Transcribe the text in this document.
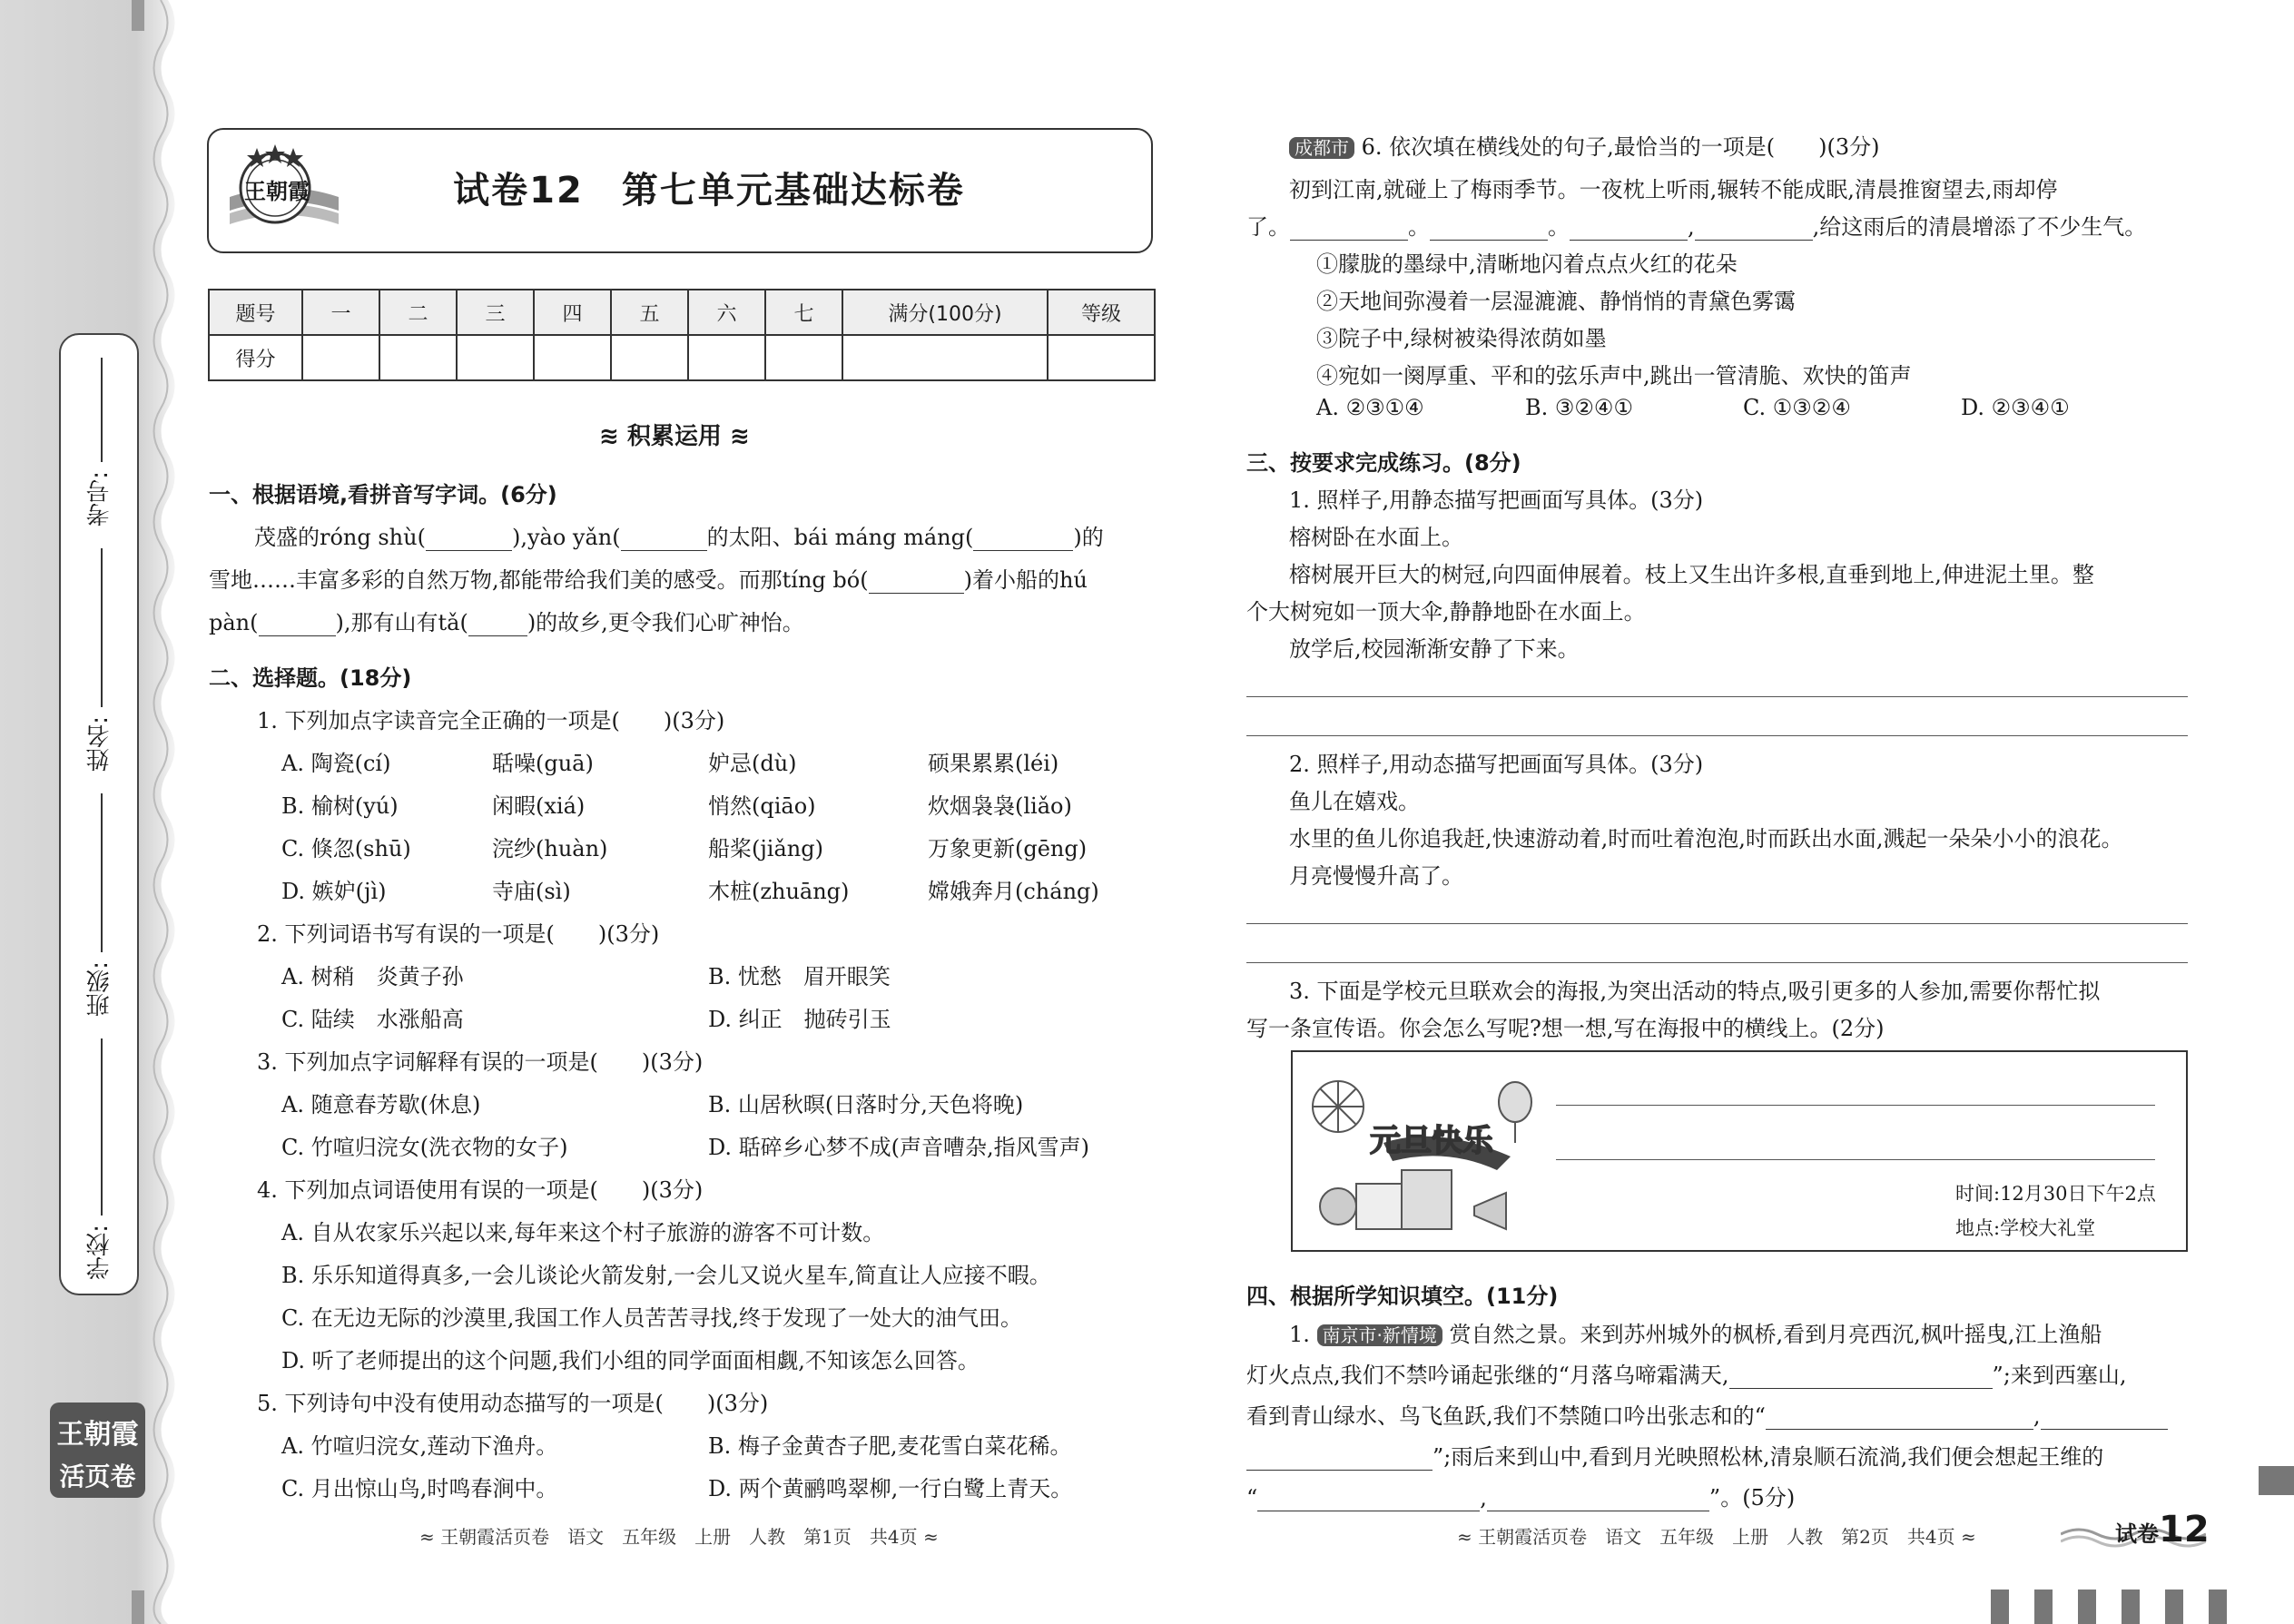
学校:
班级:
姓名:
考号:
王朝霞
活页卷
王朝霞	试卷12　第七单元基础达标卷
题号	一	二	三	四	五	六	七	满分(100分)	等级
得分									
≋ 积累运用 ≋
一、根据语境,看拼音写字词。(6分)
茂盛的róng shù(	),yào yǎn(	的太阳、bái máng máng(	)的
雪地……丰富多彩的自然万物,都能带给我们美的感受。而那tíng bó(	)着小船的hú
pàn(	),那有山有tǎ(	)的故乡,更令我们心旷神怡。
二、选择题。(18分)
1. 下列加点字读音完全正确的一项是(　　)(3分)
A. 陶瓷(cí)	聒噪(guā)	妒忌(dù)	硕果累累(léi)
B. 榆树(yú)	闲暇(xiá)	悄然(qiāo)	炊烟袅袅(liǎo)
C. 倏忽(shū)	浣纱(huàn)	船桨(jiǎng)	万象更新(gēng)
D. 嫉妒(jì)	寺庙(sì)	木桩(zhuāng)	嫦娥奔月(cháng)
2. 下列词语书写有误的一项是(　　)(3分)
A. 树稍　炎黄子孙	B. 忧愁　眉开眼笑
C. 陆续　水涨船高	D. 纠正　抛砖引玉
3. 下列加点字词解释有误的一项是(　　)(3分)
A. 随意春芳歇(休息)	B. 山居秋暝(日落时分,天色将晚)
C. 竹喧归浣女(洗衣物的女子)	D. 聒碎乡心梦不成(声音嘈杂,指风雪声)
4. 下列加点词语使用有误的一项是(　　)(3分)
A. 自从农家乐兴起以来,每年来这个村子旅游的游客不可计数。
B. 乐乐知道得真多,一会儿谈论火箭发射,一会儿又说火星车,简直让人应接不暇。
C. 在无边无际的沙漠里,我国工作人员苦苦寻找,终于发现了一处大的油气田。
D. 听了老师提出的这个问题,我们小组的同学面面相觑,不知该怎么回答。
5. 下列诗句中没有使用动态描写的一项是(　　)(3分)
A. 竹喧归浣女,莲动下渔舟。	B. 梅子金黄杏子肥,麦花雪白菜花稀。
C. 月出惊山鸟,时鸣春涧中。	D. 两个黄鹂鸣翠柳,一行白鹭上青天。
≈ 王朝霞活页卷　语文　五年级　上册　人教　第1页　共4页 ≈
成都市 6. 依次填在横线处的句子,最恰当的一项是(　　)(3分)
初到江南,就碰上了梅雨季节。一夜枕上听雨,辗转不能成眠,清晨推窗望去,雨却停
了。	。	。	,	,给这雨后的清晨增添了不少生气。
①朦胧的墨绿中,清晰地闪着点点火红的花朵
②天地间弥漫着一层湿漉漉、静悄悄的青黛色雾霭
③院子中,绿树被染得浓荫如墨
④宛如一阕厚重、平和的弦乐声中,跳出一管清脆、欢快的笛声
A. ②③①④	B. ③②④①	C. ①③②④	D. ②③④①
三、按要求完成练习。(8分)
1. 照样子,用静态描写把画面写具体。(3分)
榕树卧在水面上。
榕树展开巨大的树冠,向四面伸展着。枝上又生出许多根,直垂到地上,伸进泥土里。整
个大树宛如一顶大伞,静静地卧在水面上。
放学后,校园渐渐安静了下来。
2. 照样子,用动态描写把画面写具体。(3分)
鱼儿在嬉戏。
水里的鱼儿你追我赶,快速游动着,时而吐着泡泡,时而跃出水面,溅起一朵朵小小的浪花。
月亮慢慢升高了。
3. 下面是学校元旦联欢会的海报,为突出活动的特点,吸引更多的人参加,需要你帮忙拟
写一条宣传语。你会怎么写呢?想一想,写在海报中的横线上。(2分)
元旦快乐
时间:12月30日下午2点
地点:学校大礼堂
四、根据所学知识填空。(11分)
1. 南京市·新情境 赏自然之景。来到苏州城外的枫桥,看到月亮西沉,枫叶摇曳,江上渔船
灯火点点,我们不禁吟诵起张继的“月落乌啼霜满天,	”;来到西塞山,
看到青山绿水、鸟飞鱼跃,我们不禁随口吟出张志和的“	,
”;雨后来到山中,看到月光映照松林,清泉顺石流淌,我们便会想起王维的
“	,	”。(5分)
≈ 王朝霞活页卷　语文　五年级　上册　人教　第2页　共4页 ≈	试卷12
